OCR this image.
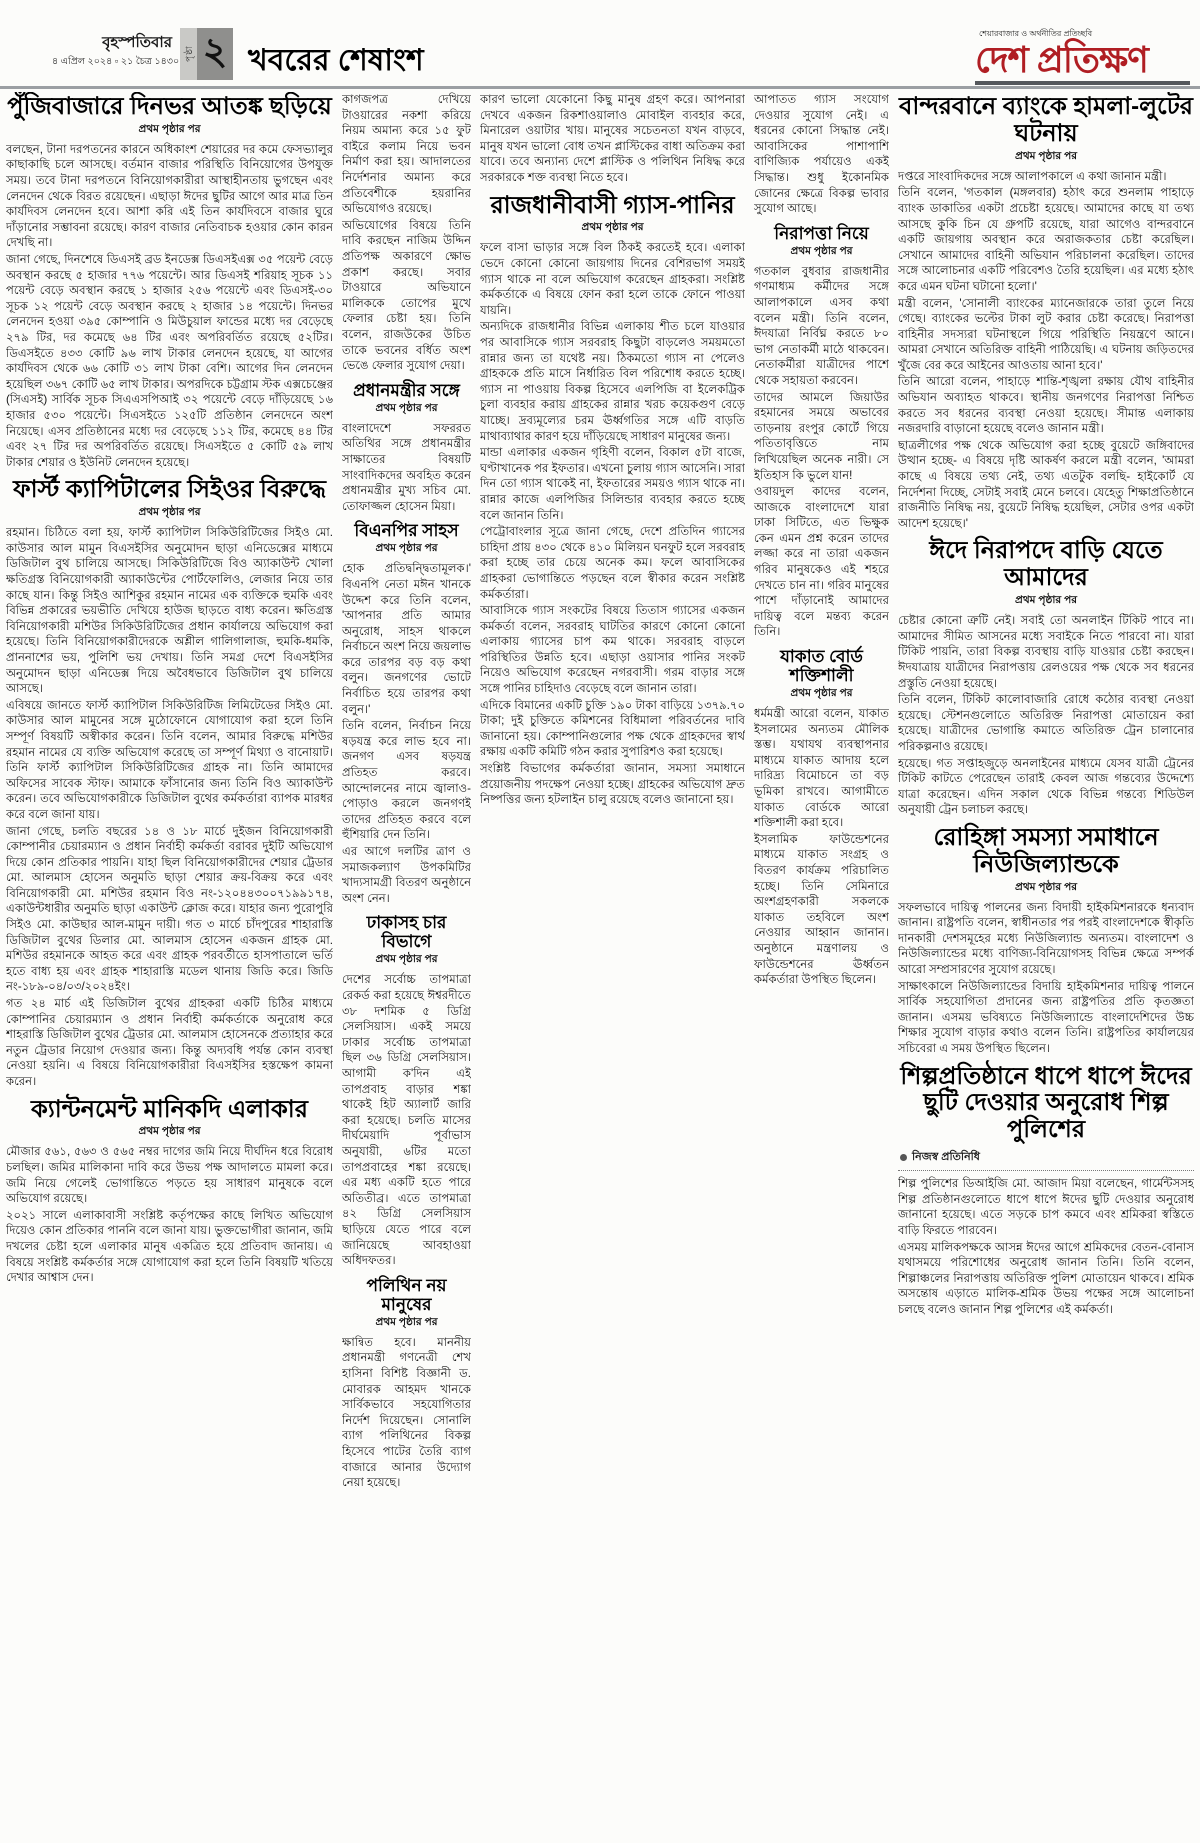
বৃহস্পতিবার
৪ এপ্রিল ২০২৪ ▫ ২১ চৈত্র ১৪৩০ পৃষ্ঠা ২ খবরের শেষাংশ
শেয়ারবাজার ও অর্থনীতির প্রতিচ্ছবি
দেশ প্রতিক্ষণ
পুঁজিবাজারে দিনভর আতঙ্ক ছড়িয়ে
প্রথম পৃষ্ঠার পর

বলছেন, টানা দরপতনের কারনে অধিকাংশ শেয়ারের দর কমে ফেসভ্যালুর কাছাকাছি চলে আসছে। বর্তমান বাজার পরিস্থিতি বিনিয়োগের উপযুক্ত সময়। তবে টানা দরপতনে বিনিয়োগকারীরা আস্থাহীনতায় ভুগছেন এবং লেনদেন থেকে বিরত রয়েছেন। এছাড়া ঈদের ছুটির আগে আর মাত্র তিন কার্যদিবস লেনদেন হবে। আশা করি এই তিন কার্যদিবসে বাজার ঘুরে দাঁড়ানোর সম্ভাবনা রয়েছে। কারণ বাজার নেতিবাচক হওয়ার কোন কারন দেখছি না।

জানা গেছে, দিনশেষে ডিএসই ব্রড ইনডেক্স ডিএসইএক্স ৩৫ পয়েন্ট বেড়ে অবস্থান করছে ৫ হাজার ৭৭৬ পয়েন্টে। আর ডিএসই শরিয়াহ সূচক ১১ পয়েন্ট বেড়ে অবস্থান করছে ১ হাজার ২৫৬ পয়েন্টে এবং ডিএসই-৩০ সূচক ১২ পয়েন্ট বেড়ে অবস্থান করছে ২ হাজার ১৪ পয়েন্টে। দিনভর লেনদেন হওয়া ৩৯৫ কোম্পানি ও মিউচুয়াল ফান্ডের মধ্যে দর বেড়েছে ২৭৯ টির, দর কমেছে ৬৪ টির এবং অপরিবর্তিত রয়েছে ৫২টির। ডিএসইতে ৪৩৩ কোটি ৯৬ লাখ টাকার লেনদেন হয়েছে, যা আগের কার্যদিবস থেকে ৬৬ কোটি ৩১ লাখ টাকা বেশি। আগের দিন লেনদেন হয়েছিল ৩৬৭ কোটি ৬৫ লাখ টাকার। অপরদিকে চট্টগ্রাম স্টক এক্সচেঞ্জের (সিএসই) সার্বিক সূচক সিএএসপিআই ৩২ পয়েন্টে বেড়ে দাঁড়িয়েছে ১৬ হাজার ৫৩০ পয়েন্টে। সিএসইতে ১২৫টি প্রতিষ্ঠান লেনদেনে অংশ নিয়েছে। এসব প্রতিষ্ঠানের মধ্যে দর বেড়েছে ১১২ টির, কমেছে ৪৪ টির এবং ২৭ টির দর অপরিবর্তিত রয়েছে। সিএসইতে ৫ কোটি ৫৯ লাখ টাকার শেয়ার ও ইউনিট লেনদেন হয়েছে।

ফার্স্ট ক্যাপিটালের সিইওর বিরুদ্ধে
প্রথম পৃষ্ঠার পর

রহমান। চিঠিতে বলা হয়, ফার্স্ট ক্যাপিটাল সিকিউরিটিজের সিইও মো. কাউসার আল মামুন বিএসইসির অনুমোদন ছাড়া এনিডেক্সের মাধ্যমে ডিজিটাল বুথ চালিয়ে আসছে। সিকিউরিটিজে বিও অ্যাকাউন্ট খোলা ক্ষতিগ্রস্ত বিনিয়োগকারী অ্যাকাউন্টের পোর্টফোলিও, লেজার নিয়ে তার কাছে যান। কিন্তু সিইও আশিকুর রহমান নামের এক ব্যক্তিকে হুমকি এবং বিভিন্ন প্রকারের ভয়ভীতি দেখিয়ে হাউজ ছাড়তে বাধ্য করেন। ক্ষতিগ্রস্ত বিনিয়োগকারী মশিউর সিকিউরিটিজের প্রধান কার্যালয়ে অভিযোগ করা হয়েছে। তিনি বিনিয়োগকারীদেরকে অশ্লীল গালিগালাজ, হুমকি-ধমকি, প্রাননাশের ভয়, পুলিশি ভয় দেখায়। তিনি সমগ্র দেশে বিএসইসির অনুমোদন ছাড়া এনিডেক্স দিয়ে অবৈধভাবে ডিজিটাল বুথ চালিয়ে আসছে।

এবিষয়ে জানতে ফার্স্ট ক্যাপিটাল সিকিউরিটিজ লিমিটেডের সিইও মো. কাউসার আল মামুনের সঙ্গে মুঠোফোনে যোগাযোগ করা হলে তিনি সম্পূর্ণ বিষয়টি অস্বীকার করেন। তিনি বলেন, আমার বিরুদ্ধে মশিউর রহমান নামের যে ব্যক্তি অভিযোগ করেছে তা সম্পূর্ণ মিথ্যা ও বানোয়াট। তিনি ফার্স্ট ক্যাপিটাল সিকিউরিটিজের গ্রাহক না। তিনি আমাদের অফিসের সাবেক স্টাফ। আমাকে ফাঁসানোর জন্য তিনি বিও অ্যাকাউন্ট করেন। তবে অভিযোগকারীকে ডিজিটাল বুথের কর্মকর্তারা ব্যাপক মারধর করে বলে জানা যায়।

জানা গেছে, চলতি বছরের ১৪ ও ১৮ মার্চে দুইজন বিনিয়োগকারী কোম্পানীর চেয়ারম্যান ও প্রধান নির্বাহী কর্মকর্তা বরাবর দুইটি অভিযোগ দিয়ে কোন প্রতিকার পায়নি। যাহা ছিল বিনিয়োগকারীদের শেয়ার ট্রেডার মো. আলমাস হোসেন অনুমতি ছাড়া শেয়ার ক্রয়-বিক্রয় করে এবং বিনিয়োগকারী মো. মশিউর রহমান বিও নং-১২০৪৪৩০০৭১৯৯১৭৪, একাউন্টধারীর অনুমতি ছাড়া একাউন্ট ক্লোজ করে। যাহার জন্য পুরোপুরি সিইও মো. কাউছার আল-মামুন দায়ী। গত ৩ মার্চে চাঁদপুরের শাহারাস্তি ডিজিটাল বুথের ডিলার মো. আলমাস হোসেন একজন গ্রাহক মো. মশিউর রহমানকে আহত করে এবং গ্রাহক পরবর্তীতে হাসপাতালে ভর্তি হতে বাধ্য হয় এবং গ্রাহক শাহারাস্তি মডেল থানায় জিডি করে। জিডি নং-১৮৯-০৪/০৩/২০২৪ইং।

গত ২৪ মার্চ এই ডিজিটাল বুথের গ্রাহকরা একটি চিঠির মাধ্যমে কোম্পানির চেয়ারম্যান ও প্রধান নির্বাহী কর্মকর্তাকে অনুরোধ করে শাহরাস্তি ডিজিটাল বুথের ট্রেডার মো. আলমাস হোসেনকে প্রত্যাহার করে নতুন ট্রেডার নিয়োগ দেওয়ার জন্য। কিন্তু অদ্যবধি পর্যন্ত কোন ব্যবস্থা নেওয়া হয়নি। এ বিষয়ে বিনিয়োগকারীরা বিএসইসির হস্তক্ষেপ কামনা করেন।

ক্যান্টনমেন্ট মানিকদি এলাকার
প্রথম পৃষ্ঠার পর

মৌজার ৫৬১, ৫৬৩ ও ৫৬৫ নম্বর দাগের জমি নিয়ে দীর্ঘদিন ধরে বিরোধ চলছিল। জমির মালিকানা দাবি করে উভয় পক্ষ আদালতে মামলা করে। জমি নিয়ে গেলেই ভোগান্তিতে পড়তে হয় সাধারণ মানুষকে বলে অভিযোগ রয়েছে।

২০২১ সালে এলাকাবাসী সংশ্লিষ্ট কর্তৃপক্ষের কাছে লিখিত অভিযোগ দিয়েও কোন প্রতিকার পাননি বলে জানা যায়। ভুক্তভোগীরা জানান, জমি দখলের চেষ্টা হলে এলাকার মানুষ একত্রিত হয়ে প্রতিবাদ জানায়। এ বিষয়ে সংশ্লিষ্ট কর্মকর্তার সঙ্গে যোগাযোগ করা হলে তিনি বিষয়টি খতিয়ে দেখার আশ্বাস দেন।

কাগজপত্র দেখিয়ে টাওয়ারের নকশা করিয়ে নিয়ম অমান্য করে ১৫ ফুট বাইরে কলাম নিয়ে ভবন নির্মাণ করা হয়। আদালতের নির্দেশনার অমান্য করে প্রতিবেশীকে হয়রানির অভিযোগও রয়েছে।

অভিযোগের বিষয়ে তিনি দাবি করছেন নাজিম উদ্দিন প্রতিপক্ষ অকারণে ক্ষোভ প্রকাশ করছে। সবার টাওয়ারে অভিযানে মালিককে তোপের মুখে ফেলার চেষ্টা হয়। তিনি বলেন, রাজউকের উচিত তাকে ভবনের বর্ধিত অংশ ভেঙে ফেলার সুযোগ দেয়া।

প্রধানমন্ত্রীর সঙ্গে
প্রথম পৃষ্ঠার পর

বাংলাদেশে সফররত অতিথির সঙ্গে প্রধানমন্ত্রীর সাক্ষাতের বিষয়টি সাংবাদিকদের অবহিত করেন প্রধানমন্ত্রীর মুখ্য সচিব মো. তোফাজ্জল হোসেন মিয়া।

বিএনপির সাহস
প্রথম পৃষ্ঠার পর

হোক প্রতিদ্বন্দ্বিতামূলক।' বিএনপি নেতা মঈন খানকে উদ্দেশ করে তিনি বলেন, 'আপনার প্রতি আমার অনুরোধ, সাহস থাকলে নির্বাচনে অংশ নিয়ে জয়লাভ করে তারপর বড় বড় কথা বলুন। জনগণের ভোটে নির্বাচিত হয়ে তারপর কথা বলুন।'

তিনি বলেন, নির্বাচন নিয়ে ষড়যন্ত্র করে লাভ হবে না। জনগণ এসব ষড়যন্ত্র প্রতিহত করবে। আন্দোলনের নামে জ্বালাও-পোড়াও করলে জনগণই তাদের প্রতিহত করবে বলে হুঁশিয়ারি দেন তিনি।

এর আগে দলটির ত্রাণ ও সমাজকল্যাণ উপকমিটির খাদ্যসামগ্রী বিতরণ অনুষ্ঠানে অংশ নেন।

ঢাকাসহ চার বিভাগে
প্রথম পৃষ্ঠার পর

দেশের সর্বোচ্চ তাপমাত্রা রেকর্ড করা হয়েছে ঈশ্বরদীতে ৩৮ দশমিক ৫ ডিগ্রি সেলসিয়াস। একই সময়ে ঢাকার সর্বোচ্চ তাপমাত্রা ছিল ৩৬ ডিগ্রি সেলসিয়াস। আগামী ক'দিন এই তাপপ্রবাহ বাড়ার শঙ্কা থাকেই হিট অ্যালার্ট জারি করা হয়েছে। চলতি মাসের দীর্ঘমেয়াদি পূর্বাভাস অনুযায়ী, ৬টির মতো তাপপ্রবাহের শঙ্কা রয়েছে। এর মধ্য একটি হতে পারে অতিতীব্র। এতে তাপমাত্রা ৪২ ডিগ্রি সেলসিয়াস ছাড়িয়ে যেতে পারে বলে জানিয়েছে আবহাওয়া অধিদফতর।

পলিথিন নয় মানুষের
প্রথম পৃষ্ঠার পর

ক্ষান্বিত হবে। মাননীয় প্রধানমন্ত্রী গণনেত্রী শেখ হাসিনা বিশিষ্ট বিজ্ঞানী ড. মোবারক আহমদ খানকে সার্বিকভাবে সহযোগিতার নির্দেশ দিয়েছেন। সোনালি ব্যাগ পলিথিনের বিকল্প হিসেবে পাটের তৈরি ব্যাগ বাজারে আনার উদ্যোগ নেয়া হয়েছে।

কারণ ভালো যেকোনো কিছু মানুষ গ্রহণ করে। আপনারা দেখবে একজন রিকশাওয়ালাও মোবাইল ব্যবহার করে, মিনারেল ওয়াটার খায়। মানুষের সচেতনতা যখন বাড়বে, মানুষ যখন ভালো বোধ তখন প্লাস্টিকের বাধা অতিক্রম করা যাবে। তবে অন্যান্য দেশে প্লাস্টিক ও পলিথিন নিষিদ্ধ করে সরকারকে শক্ত ব্যবস্থা নিতে হবে।

রাজধানীবাসী গ্যাস-পানির
প্রথম পৃষ্ঠার পর

ফলে বাসা ভাড়ার সঙ্গে বিল ঠিকই করতেই হবে। এলাকা ভেদে কোনো কোনো জায়গায় দিনের বেশিরভাগ সময়ই গ্যাস থাকে না বলে অভিযোগ করেছেন গ্রাহকরা। সংশ্লিষ্ট কর্মকর্তাকে এ বিষয়ে ফোন করা হলে তাকে ফোনে পাওয়া যায়নি।

অন্যদিকে রাজধানীর বিভিন্ন এলাকায় শীত চলে যাওয়ার পর আবাসিকে গ্যাস সরবরাহ কিছুটা বাড়লেও সময়মতো রান্নার জন্য তা যথেষ্ট নয়। ঠিকমতো গ্যাস না পেলেও গ্রাহককে প্রতি মাসে নির্ধারিত বিল পরিশোধ করতে হচ্ছে। গ্যাস না পাওয়ায় বিকল্প হিসেবে এলপিজি বা ইলেকট্রিক চুলা ব্যবহার করায় গ্রাহকের রান্নার খরচ কয়েকগুণ বেড়ে যাচ্ছে। দ্রব্যমূল্যের চরম ঊর্ধ্বগতির সঙ্গে এটি বাড়তি মাথাব্যাথার কারণ হয়ে দাঁড়িয়েছে সাধারণ মানুষের জন্য।

মান্ডা এলাকার একজন গৃহিণী বলেন, বিকাল ৫টা বাজে, ঘণ্টাখানেক পর ইফতার। এখনো চুলায় গ্যাস আসেনি। সারা দিন তো গ্যাস থাকেই না, ইফতারের সময়ও গ্যাস থাকে না। রান্নার কাজে এলপিজির সিলিন্ডার ব্যবহার করতে হচ্ছে বলে জানান তিনি।

পেট্রোবাংলার সূত্রে জানা গেছে, দেশে প্রতিদিন গ্যাসের চাহিদা প্রায় ৪৩০ থেকে ৪১০ মিলিয়ন ঘনফুট হলে সরবরাহ করা হচ্ছে তার চেয়ে অনেক কম। ফলে আবাসিকের গ্রাহকরা ভোগান্তিতে পড়ছেন বলে স্বীকার করেন সংশ্লিষ্ট কর্মকর্তারা।

আবাসিকে গ্যাস সংকটের বিষয়ে তিতাস গ্যাসের একজন কর্মকর্তা বলেন, সরবরাহ ঘাটতির কারণে কোনো কোনো এলাকায় গ্যাসের চাপ কম থাকে। সরবরাহ বাড়লে পরিস্থিতির উন্নতি হবে। এছাড়া ওয়াসার পানির সংকট নিয়েও অভিযোগ করেছেন নগরবাসী। গরম বাড়ার সঙ্গে সঙ্গে পানির চাহিদাও বেড়েছে বলে জানান তারা।

এদিকে বিমানের একটি চুক্তি ১৯০ টাকা বাড়িয়ে ১৩৭৯.৭০ টাকা; দুই চুক্তিতে কমিশনের বিধিমালা পরিবর্তনের দাবি জানানো হয়। কোম্পানিগুলোর পক্ষ থেকে গ্রাহকদের স্বার্থ রক্ষায় একটি কমিটি গঠন করার সুপারিশও করা হয়েছে।

সংশ্লিষ্ট বিভাগের কর্মকর্তারা জানান, সমস্যা সমাধানে প্রয়োজনীয় পদক্ষেপ নেওয়া হচ্ছে। গ্রাহকের অভিযোগ দ্রুত নিষ্পত্তির জন্য হটলাইন চালু রয়েছে বলেও জানানো হয়।

আপাতত গ্যাস সংযোগ দেওয়ার সুযোগ নেই। এ ধরনের কোনো সিদ্ধান্ত নেই। আবাসিকের পাশাপাশি বাণিজ্যিক পর্যায়েও একই সিদ্ধান্ত। শুধু ইকোনমিক জোনের ক্ষেত্রে বিকল্প ভাবার সুযোগ আছে।

নিরাপত্তা নিয়ে
প্রথম পৃষ্ঠার পর

গতকাল বুধবার রাজধানীর গণমাধ্যম কর্মীদের সঙ্গে আলাপকালে এসব কথা বলেন মন্ত্রী। তিনি বলেন, ঈদযাত্রা নির্বিঘ্ন করতে ৮০ ভাগ নেতাকর্মী মাঠে থাকবেন। নেতাকর্মীরা যাত্রীদের পাশে থেকে সহায়তা করবেন।

তাদের আমলে জিয়াউর রহমানের সময়ে অভাবের তাড়নায় রংপুর কোর্টে গিয়ে পতিতাবৃত্তিতে নাম লিখিয়েছিল অনেক নারী। সে ইতিহাস কি ভুলে যান!

ওবায়দুল কাদের বলেন, আজকে বাংলাদেশে যারা ঢাকা সিটিতে, এত ভিক্ষুক কেন এমন প্রশ্ন করেন তাদের লজ্জা করে না তারা একজন গরিব মানুষকেও এই শহরে দেখতে চান না। গরিব মানুষের পাশে দাঁড়ানোই আমাদের দায়িত্ব বলে মন্তব্য করেন তিনি।

যাকাত বোর্ড শক্তিশালী
প্রথম পৃষ্ঠার পর

ধর্মমন্ত্রী আরো বলেন, যাকাত ইসলামের অন্যতম মৌলিক স্তম্ভ। যথাযথ ব্যবস্থাপনার মাধ্যমে যাকাত আদায় হলে দারিদ্র্য বিমোচনে তা বড় ভূমিকা রাখবে। আগামীতে যাকাত বোর্ডকে আরো শক্তিশালী করা হবে।

ইসলামিক ফাউন্ডেশনের মাধ্যমে যাকাত সংগ্রহ ও বিতরণ কার্যক্রম পরিচালিত হচ্ছে। তিনি সেমিনারে অংশগ্রহণকারী সকলকে যাকাত তহবিলে অংশ নেওয়ার আহ্বান জানান। অনুষ্ঠানে মন্ত্রণালয় ও ফাউন্ডেশনের ঊর্ধ্বতন কর্মকর্তারা উপস্থিত ছিলেন।

বান্দরবানে ব্যাংকে হামলা-লুটের ঘটনায়
প্রথম পৃষ্ঠার পর

দপ্তরে সাংবাদিকদের সঙ্গে আলাপকালে এ কথা জানান মন্ত্রী।

তিনি বলেন, 'গতকাল (মঙ্গলবার) হঠাৎ করে শুনলাম পাহাড়ে ব্যাংক ডাকাতির একটা প্রচেষ্টা হয়েছে। আমাদের কাছে যা তথ্য আসছে কুকি চিন যে গ্রুপটি রয়েছে, যারা আগেও বান্দরবানে একটি জায়গায় অবস্থান করে অরাজকতার চেষ্টা করেছিল। সেখানে আমাদের বাহিনী অভিযান পরিচালনা করেছিল। তাদের সঙ্গে আলোচনার একটি পরিবেশও তৈরি হয়েছিল। এর মধ্যে হঠাৎ করে এমন ঘটনা ঘটানো হলো।'

মন্ত্রী বলেন, 'সোনালী ব্যাংকের ম্যানেজারকে তারা তুলে নিয়ে গেছে। ব্যাংকের ভল্টের টাকা লুট করার চেষ্টা করেছে। নিরাপত্তা বাহিনীর সদস্যরা ঘটনাস্থলে গিয়ে পরিস্থিতি নিয়ন্ত্রণে আনে। আমরা সেখানে অতিরিক্ত বাহিনী পাঠিয়েছি। এ ঘটনায় জড়িতদের খুঁজে বের করে আইনের আওতায় আনা হবে।'

তিনি আরো বলেন, পাহাড়ে শান্তি-শৃঙ্খলা রক্ষায় যৌথ বাহিনীর অভিযান অব্যাহত থাকবে। স্থানীয় জনগণের নিরাপত্তা নিশ্চিত করতে সব ধরনের ব্যবস্থা নেওয়া হয়েছে। সীমান্ত এলাকায় নজরদারি বাড়ানো হয়েছে বলেও জানান মন্ত্রী।

ছাত্রলীগের পক্ষ থেকে অভিযোগ করা হচ্ছে বুয়েটে জঙ্গিবাদের উত্থান হচ্ছে- এ বিষয়ে দৃষ্টি আকর্ষণ করলে মন্ত্রী বলেন, 'আমরা কাছে এ বিষয়ে তথ্য নেই, তথ্য এতটুক বলছি- হাইকোর্ট যে নির্দেশনা দিচ্ছে, সেটাই সবাই মেনে চলবে। যেহেতু শিক্ষাপ্রতিষ্ঠানে রাজনীতি নিষিদ্ধ নয়, বুয়েটে নিষিদ্ধ হয়েছিল, সেটার ওপর একটা আদেশ হয়েছে।'

ঈদে নিরাপদে বাড়ি যেতে আমাদের
প্রথম পৃষ্ঠার পর

চেষ্টার কোনো ত্রুটি নেই। সবাই তো অনলাইন টিকিট পাবে না। আমাদের সীমিত আসনের মধ্যে সবাইকে নিতে পারবো না। যারা টিকিট পায়নি, তারা বিকল্প ব্যবস্থায় বাড়ি যাওয়ার চেষ্টা করছেন। ঈদযাত্রায় যাত্রীদের নিরাপত্তায় রেলওয়ের পক্ষ থেকে সব ধরনের প্রস্তুতি নেওয়া হয়েছে।

তিনি বলেন, টিকিট কালোবাজারি রোধে কঠোর ব্যবস্থা নেওয়া হয়েছে। স্টেশনগুলোতে অতিরিক্ত নিরাপত্তা মোতায়েন করা হয়েছে। যাত্রীদের ভোগান্তি কমাতে অতিরিক্ত ট্রেন চালানোর পরিকল্পনাও রয়েছে।

হয়েছে। গত সপ্তাহজুড়ে অনলাইনের মাধ্যমে যেসব যাত্রী ট্রেনের টিকিট কাটতে পেরেছেন তারাই কেবল আজ গন্তব্যের উদ্দেশ্যে যাত্রা করেছেন। এদিন সকাল থেকে বিভিন্ন গন্তব্যে শিডিউল অনুযায়ী ট্রেন চলাচল করছে।

রোহিঙ্গা সমস্যা সমাধানে নিউজিল্যান্ডকে
প্রথম পৃষ্ঠার পর

সফলভাবে দায়িত্ব পালনের জন্য বিদায়ী হাইকমিশনারকে ধন্যবাদ জানান। রাষ্ট্রপতি বলেন, স্বাধীনতার পর পরই বাংলাদেশকে স্বীকৃতি দানকারী দেশসমূহের মধ্যে নিউজিল্যান্ড অন্যতম। বাংলাদেশ ও নিউজিল্যান্ডের মধ্যে বাণিজ্য-বিনিয়োগসহ বিভিন্ন ক্ষেত্রে সম্পর্ক আরো সম্প্রসারণের সুযোগ রয়েছে।

সাক্ষাৎকালে নিউজিল্যান্ডের বিদায়ি হাইকমিশনার দায়িত্ব পালনে সার্বিক সহযোগিতা প্রদানের জন্য রাষ্ট্রপতির প্রতি কৃতজ্ঞতা জানান। এসময় ভবিষ্যতে নিউজিল্যান্ডে বাংলাদেশিদের উচ্চ শিক্ষার সুযোগ বাড়ার কথাও বলেন তিনি। রাষ্ট্রপতির কার্যালয়ের সচিবেরা এ সময় উপস্থিত ছিলেন।

শিল্পপ্রতিষ্ঠানে ধাপে ধাপে ঈদের ছুটি দেওয়ার অনুরোধ শিল্প পুলিশের
নিজস্ব প্রতিনিধি

শিল্প পুলিশের ডিআইজি মো. আজাদ মিয়া বলেছেন, গার্মেন্টসসহ শিল্প প্রতিষ্ঠানগুলোতে ধাপে ধাপে ঈদের ছুটি দেওয়ার অনুরোধ জানানো হয়েছে। এতে সড়কে চাপ কমবে এবং শ্রমিকরা স্বস্তিতে বাড়ি ফিরতে পারবেন।

এসময় মালিকপক্ষকে আসন্ন ঈদের আগে শ্রমিকদের বেতন-বোনাস যথাসময়ে পরিশোধের অনুরোধ জানান তিনি। তিনি বলেন, শিল্পাঞ্চলের নিরাপত্তায় অতিরিক্ত পুলিশ মোতায়েন থাকবে। শ্রমিক অসন্তোষ এড়াতে মালিক-শ্রমিক উভয় পক্ষের সঙ্গে আলোচনা চলছে বলেও জানান শিল্প পুলিশের এই কর্মকর্তা।
